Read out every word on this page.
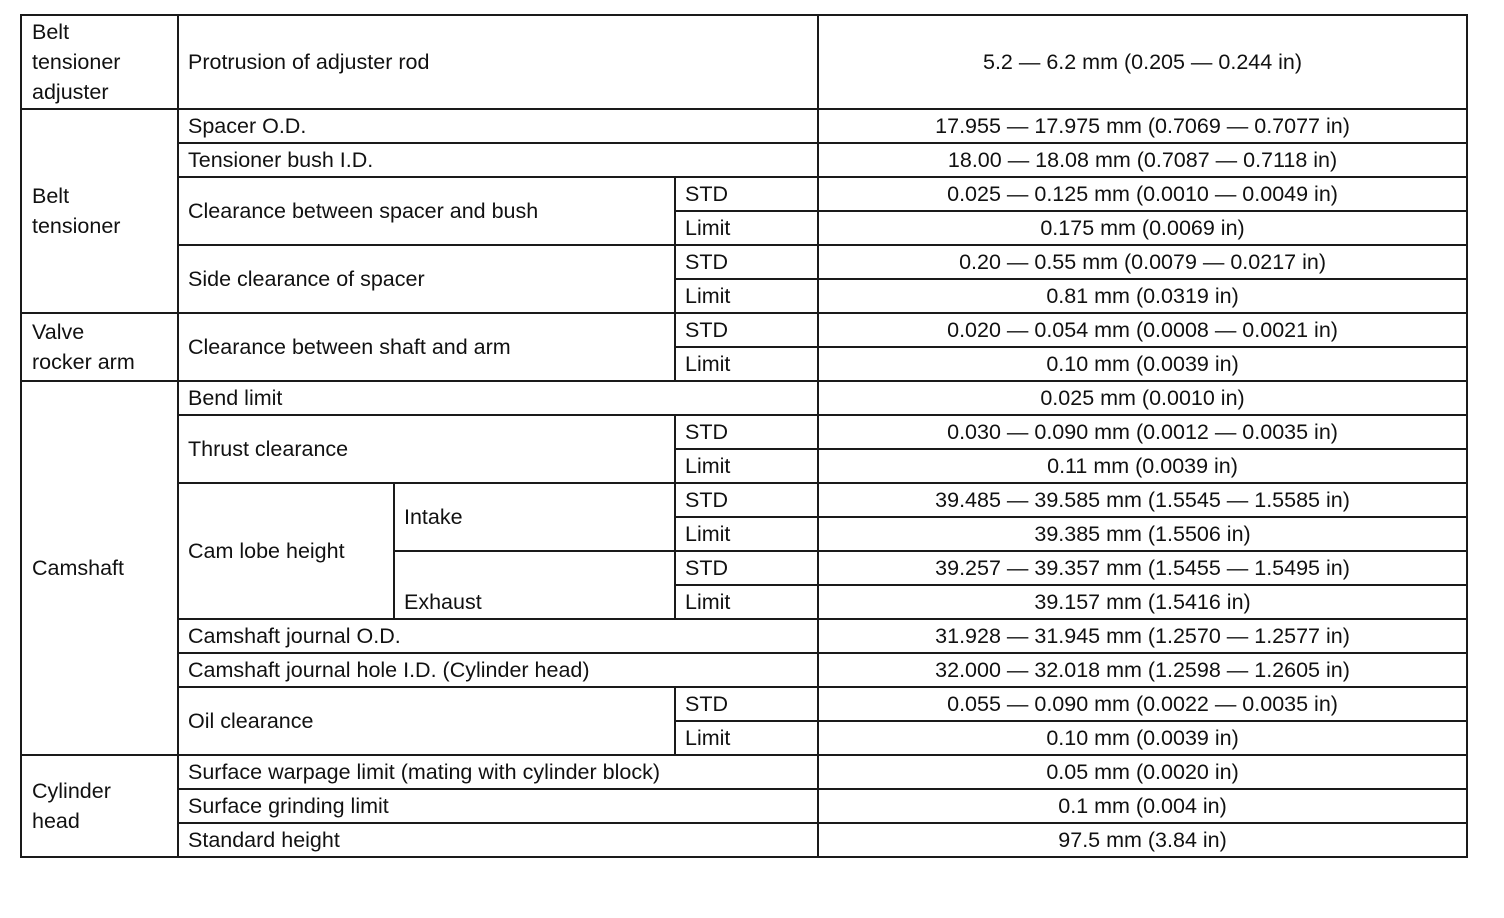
Belt
tensioner
adjuster	Protrusion of adjuster rod			5.2 — 6.2 mm (0.205 — 0.244 in)

Belt
tensioner	Spacer O.D.			17.955 — 17.975 mm (0.7069 — 0.7077 in)
	Tensioner bush I.D.			18.00 — 18.08 mm (0.7087 — 0.7118 in)
	Clearance between spacer and bush		STD	0.025 — 0.125 mm (0.0010 — 0.0049 in)
			Limit	0.175 mm (0.0069 in)
	Side clearance of spacer		STD	0.20 — 0.55 mm (0.0079 — 0.0217 in)
			Limit	0.81 mm (0.0319 in)

Valve
rocker arm	Clearance between shaft and arm		STD	0.020 — 0.054 mm (0.0008 — 0.0021 in)
			Limit	0.10 mm (0.0039 in)
Camshaft	Bend limit			0.025 mm (0.0010 in)
	Thrust clearance		STD	0.030 — 0.090 mm (0.0012 — 0.0035 in)
			Limit	0.11 mm (0.0039 in)
	Cam lobe height	Intake	STD	39.485 — 39.585 mm (1.5545 — 1.5585 in)
			Limit	39.385 mm (1.5506 in)
		Exhaust	STD	39.257 — 39.357 mm (1.5455 — 1.5495 in)
			Limit	39.157 mm (1.5416 in)
	Camshaft journal O.D.			31.928 — 31.945 mm (1.2570 — 1.2577 in)
	Camshaft journal hole I.D. (Cylinder head)			32.000 — 32.018 mm (1.2598 — 1.2605 in)
	Oil clearance		STD	0.055 — 0.090 mm (0.0022 — 0.0035 in)
			Limit	0.10 mm (0.0039 in)

Cylinder
head	Surface warpage limit (mating with cylinder block)			0.05 mm (0.0020 in)
	Surface grinding limit			0.1 mm (0.004 in)
	Standard height			97.5 mm (3.84 in)
